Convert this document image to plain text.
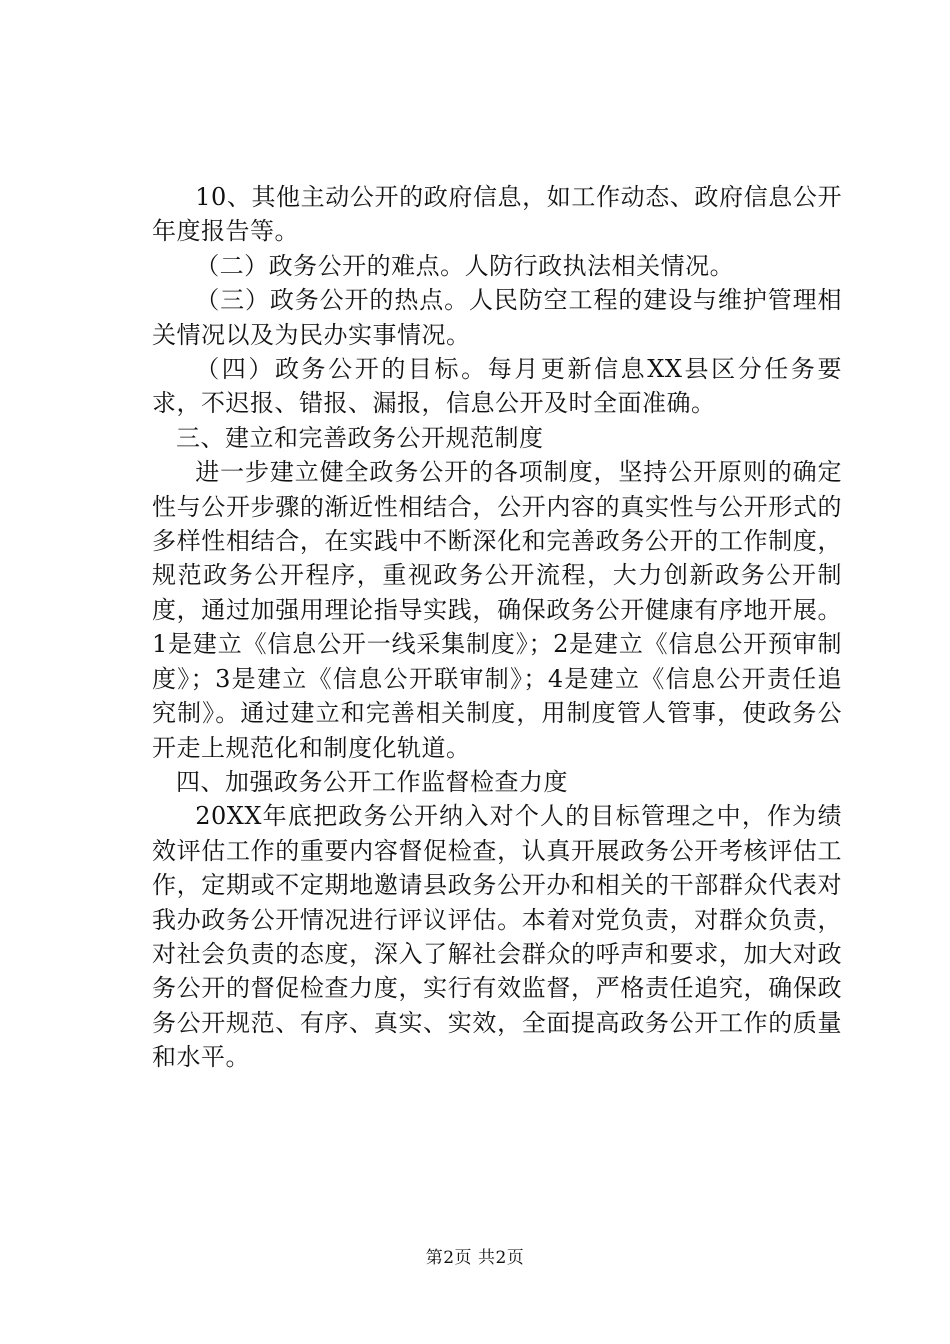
10、其他主动公开的政府信息，如工作动态、政府信息公开年度报告等。

（二）政务公开的难点。人防行政执法相关情况。

（三）政务公开的热点。人民防空工程的建设与维护管理相关情况以及为民办实事情况。

（四）政务公开的目标。每月更新信息XX县区分任务要求，不迟报、错报、漏报，信息公开及时全面准确。

三、建立和完善政务公开规范制度

进一步建立健全政务公开的各项制度，坚持公开原则的确定性与公开步骤的渐近性相结合，公开内容的真实性与公开形式的多样性相结合，在实践中不断深化和完善政务公开的工作制度，规范政务公开程序，重视政务公开流程，大力创新政务公开制度，通过加强用理论指导实践，确保政务公开健康有序地开展。1是建立《信息公开一线采集制度》；2是建立《信息公开预审制度》；3是建立《信息公开联审制》；4是建立《信息公开责任追究制》。通过建立和完善相关制度，用制度管人管事，使政务公开走上规范化和制度化轨道。

四、加强政务公开工作监督检查力度

20XX年底把政务公开纳入对个人的目标管理之中，作为绩效评估工作的重要内容督促检查，认真开展政务公开考核评估工作，定期或不定期地邀请县政务公开办和相关的干部群众代表对我办政务公开情况进行评议评估。本着对党负责，对群众负责，对社会负责的态度，深入了解社会群众的呼声和要求，加大对政务公开的督促检查力度，实行有效监督，严格责任追究，确保政务公开规范、有序、真实、实效，全面提高政务公开工作的质量和水平。

第2页 共2页
